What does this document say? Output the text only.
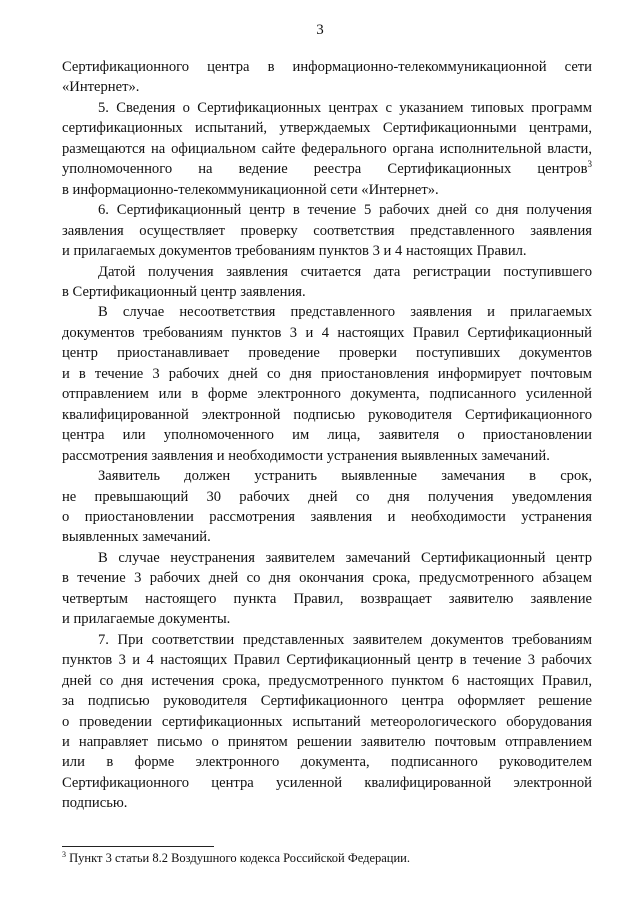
3

Сертификационного центра в информационно-телекоммуникационной сети
«Интернет».

5. Сведения о Сертификационных центрах с указанием типовых программ
сертификационных испытаний, утверждаемых Сертификационными центрами,
размещаются на официальном сайте федерального органа исполнительной власти,
уполномоченного на ведение реестра Сертификационных центров$^3$
в информационно-телекоммуникационной сети «Интернет».

6. Сертификационный центр в течение 5 рабочих дней со дня получения
заявления осуществляет проверку соответствия представленного заявления
и прилагаемых документов требованиям пунктов 3 и 4 настоящих Правил.

Датой получения заявления считается дата регистрации поступившего
в Сертификационный центр заявления.

В случае несоответствия представленного заявления и прилагаемых
документов требованиям пунктов 3 и 4 настоящих Правил Сертификационный
центр приостанавливает проведение проверки поступивших документов
и в течение 3 рабочих дней со дня приостановления информирует почтовым
отправлением или в форме электронного документа, подписанного усиленной
квалифицированной электронной подписью руководителя Сертификационного
центра или уполномоченного им лица, заявителя о приостановлении
рассмотрения заявления и необходимости устранения выявленных замечаний.

Заявитель должен устранить выявленные замечания в срок,
не превышающий 30 рабочих дней со дня получения уведомления
о приостановлении рассмотрения заявления и необходимости устранения
выявленных замечаний.

В случае неустранения заявителем замечаний Сертификационный центр
в течение 3 рабочих дней со дня окончания срока, предусмотренного абзацем
четвертым настоящего пункта Правил, возвращает заявителю заявление
и прилагаемые документы.

7. При соответствии представленных заявителем документов требованиям
пунктов 3 и 4 настоящих Правил Сертификационный центр в течение 3 рабочих
дней со дня истечения срока, предусмотренного пунктом 6 настоящих Правил,
за подписью руководителя Сертификационного центра оформляет решение
о проведении сертификационных испытаний метеорологического оборудования
и направляет письмо о принятом решении заявителю почтовым отправлением
или в форме электронного документа, подписанного руководителем
Сертификационного центра усиленной квалифицированной электронной
подписью.

$^3$ Пункт 3 статьи 8.2 Воздушного кодекса Российской Федерации.
